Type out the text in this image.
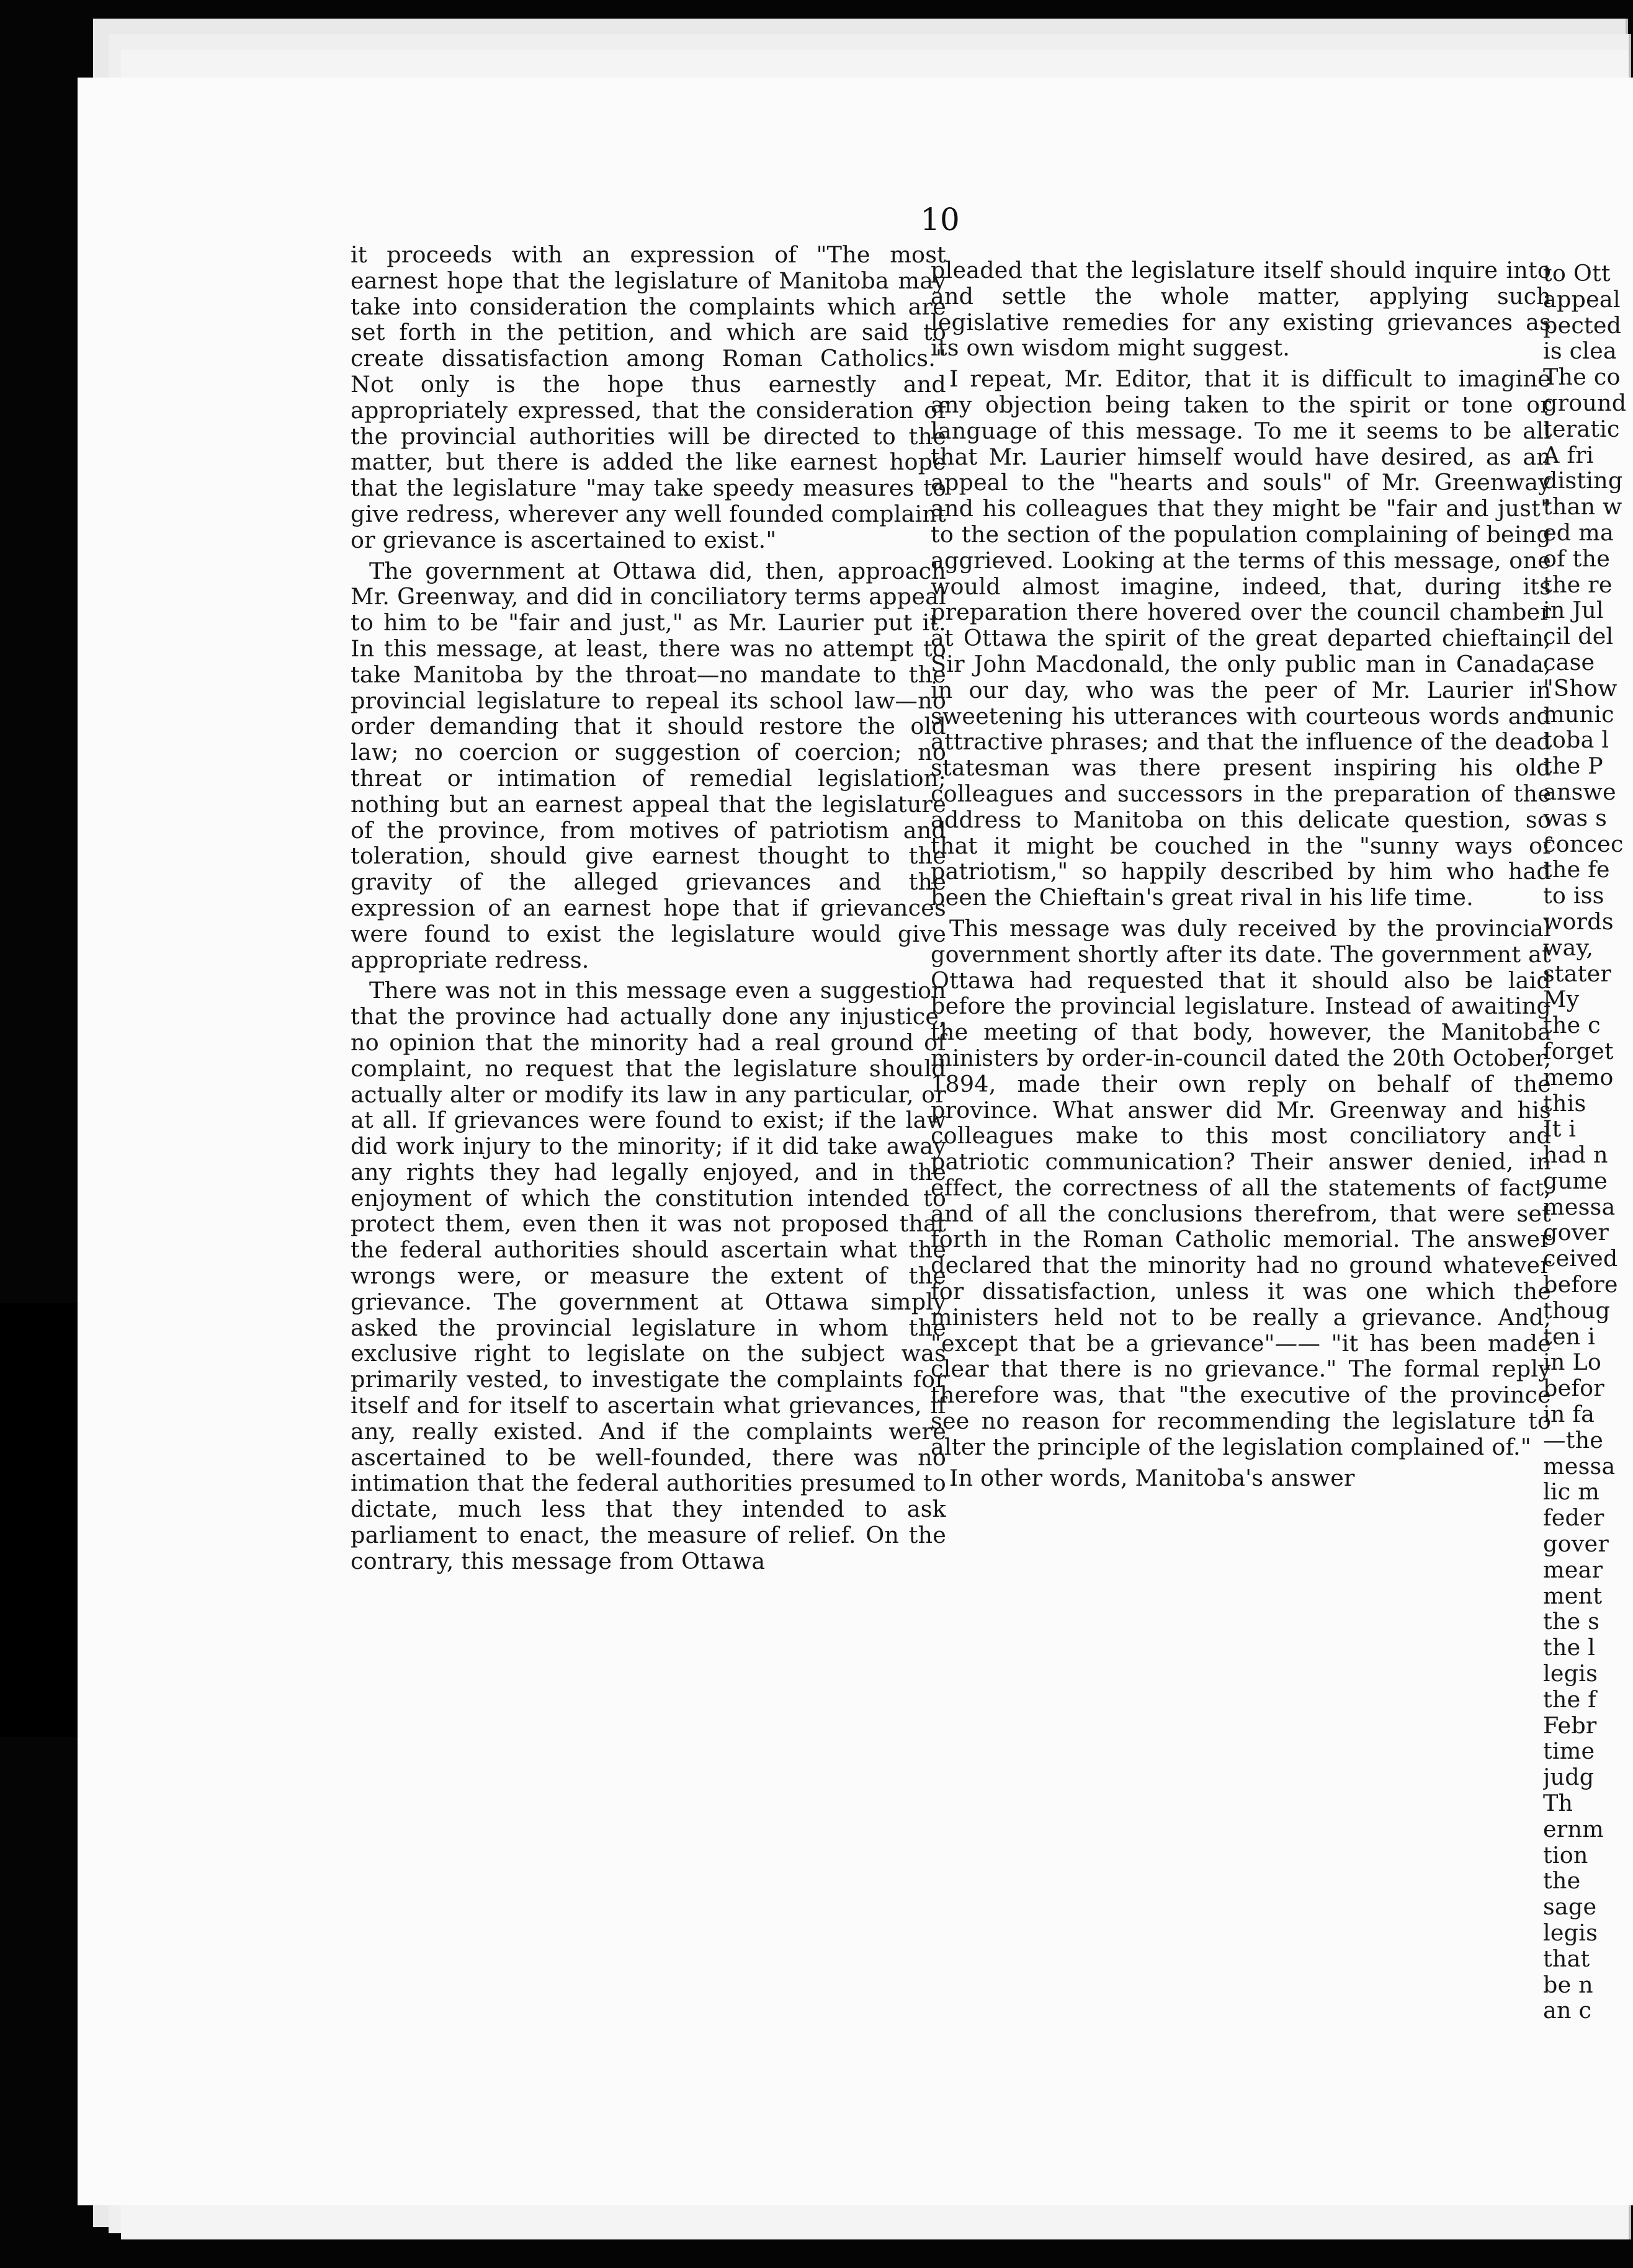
10

it proceeds with an expression of "The most earnest hope that the legislature of Manitoba may take into consideration the complaints which are set forth in the petition, and which are said to create dissatisfaction among Roman Catholics." Not only is the hope thus earnestly and appropriately expressed, that the consideration of the provincial authorities will be directed to the matter, but there is added the like earnest hope that the legislature "may take speedy measures to give redress, wherever any well founded complaint or grievance is ascertained to exist."

The government at Ottawa did, then, approach Mr. Greenway, and did in conciliatory terms appeal to him to be "fair and just," as Mr. Laurier put it. In this message, at least, there was no attempt to take Manitoba by the throat—no mandate to the provincial legislature to repeal its school law—no order demanding that it should restore the old law; no coercion or suggestion of coercion; no threat or intimation of remedial legislation; nothing but an earnest appeal that the legislature of the province, from motives of patriotism and toleration, should give earnest thought to the gravity of the alleged grievances and the expression of an earnest hope that if grievances were found to exist the legislature would give appropriate redress.

There was not in this message even a suggestion that the province had actually done any injustice, no opinion that the minority had a real ground of complaint, no request that the legislature should actually alter or modify its law in any particular, or at all. If grievances were found to exist; if the law did work injury to the minority; if it did take away any rights they had legally enjoyed, and in the enjoyment of which the constitution intended to protect them, even then it was not proposed that the federal authorities should ascertain what the wrongs were, or measure the extent of the grievance. The government at Ottawa simply asked the provincial legislature in whom the exclusive right to legislate on the subject was primarily vested, to investigate the complaints for itself and for itself to ascertain what grievances, if any, really existed. And if the complaints were ascertained to be well-founded, there was no intimation that the federal authorities presumed to dictate, much less that they intended to ask parliament to enact, the measure of relief. On the contrary, this message from Ottawa

pleaded that the legislature itself should inquire into and settle the whole matter, applying such legislative remedies for any existing grievances as its own wisdom might suggest.

I repeat, Mr. Editor, that it is difficult to imagine any objection being taken to the spirit or tone or language of this message. To me it seems to be all that Mr. Laurier himself would have desired, as an appeal to the "hearts and souls" of Mr. Greenway and his colleagues that they might be "fair and just" to the section of the population complaining of being aggrieved. Looking at the terms of this message, one would almost imagine, indeed, that, during its preparation there hovered over the council chamber at Ottawa the spirit of the great departed chieftain, Sir John Macdonald, the only public man in Canada, in our day, who was the peer of Mr. Laurier in sweetening his utterances with courteous words and attractive phrases; and that the influence of the dead statesman was there present inspiring his old colleagues and successors in the preparation of the address to Manitoba on this delicate question, so that it might be couched in the "sunny ways of patriotism," so happily described by him who had been the Chieftain's great rival in his life time.

This message was duly received by the provincial government shortly after its date. The government at Ottawa had requested that it should also be laid before the provincial legislature. Instead of awaiting the meeting of that body, however, the Manitoba ministers by order-in-council dated the 20th October, 1894, made their own reply on behalf of the province. What answer did Mr. Greenway and his colleagues make to this most conciliatory and patriotic communication? Their answer denied, in effect, the correctness of all the statements of fact, and of all the conclusions therefrom, that were set forth in the Roman Catholic memorial. The answer declared that the minority had no ground whatever for dissatisfaction, unless it was one which the ministers held not to be really a grievance. And, "except that be a grievance"—— "it has been made clear that there is no grievance." The formal reply therefore was, that "the executive of the province see no reason for recommending the legislature to alter the principle of the legislation complained of."

In other words, Manitoba's answer

to Ott
appeal
pected
is clea
The co
ground
teratic
A fri
disting
than w
ed ma
of the
the re
in Jul
cil del
case
"Show
munic
toba l
the P
answe
was s
concec
the fe
to iss
words
way,
stater
My
the c
forget
memo
this
It i
had n
gume
messa
gover
ceived
before
thoug
ten i
in Lo
befor
in fa
—the
messa
lic m
feder
gover
mear
ment
the s
the l
legis
the f
Febr
time
judg
Th
ernm
tion
the
sage
legis
that
be n
an c
